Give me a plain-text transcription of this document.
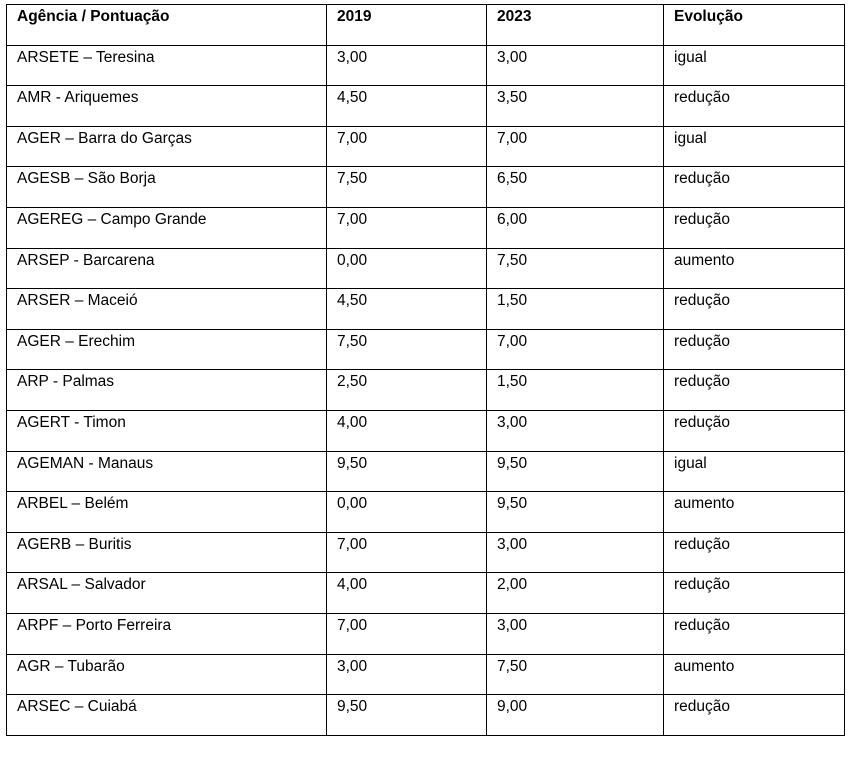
Agência / Pontuação	2019	2023	Evolução
ARSETE – Teresina	3,00	3,00	igual
AMR - Ariquemes	4,50	3,50	redução
AGER – Barra do Garças	7,00	7,00	igual
AGESB – São Borja	7,50	6,50	redução
AGEREG – Campo Grande	7,00	6,00	redução
ARSEP - Barcarena	0,00	7,50	aumento
ARSER – Maceió	4,50	1,50	redução
AGER – Erechim	7,50	7,00	redução
ARP - Palmas	2,50	1,50	redução
AGERT - Timon	4,00	3,00	redução
AGEMAN - Manaus	9,50	9,50	igual
ARBEL – Belém	0,00	9,50	aumento
AGERB – Buritis	7,00	3,00	redução
ARSAL – Salvador	4,00	2,00	redução
ARPF – Porto Ferreira	7,00	3,00	redução
AGR – Tubarão	3,00	7,50	aumento
ARSEC – Cuiabá	9,50	9,00	redução
